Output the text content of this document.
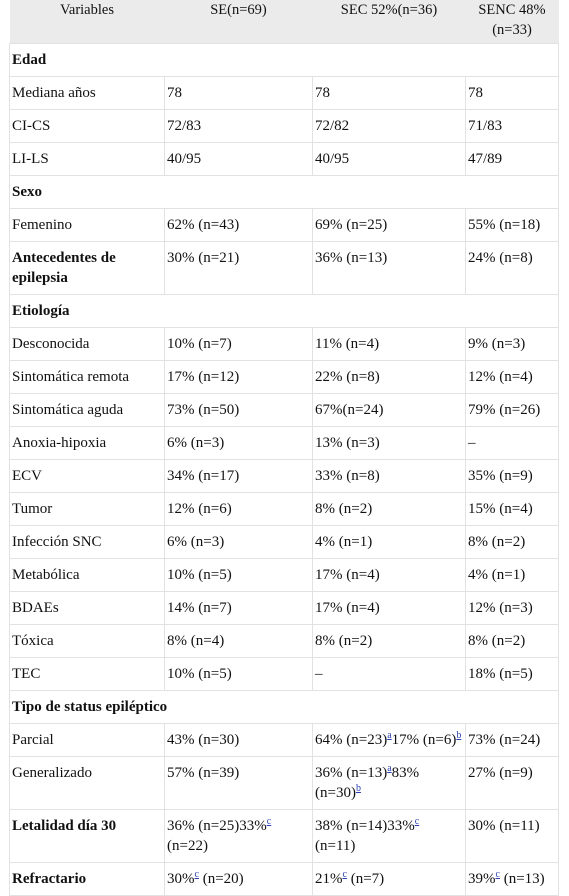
Variables	SE(n=69)	SEC 52%(n=36)	SENC 48%
(n=33)
Edad			
Mediana años	78	78	78
CI-CS	72/83	72/82	71/83
LI-LS	40/95	40/95	47/89
Sexo			
Femenino	62% (n=43)	69% (n=25)	55% (n=18)
Antecedentes de epilepsia	30% (n=21)	36% (n=13)	24% (n=8)
Etiología			
Desconocida	10% (n=7)	11% (n=4)	9% (n=3)
Sintomática remota	17% (n=12)	22% (n=8)	12% (n=4)
Sintomática aguda	73% (n=50)	67%(n=24)	79% (n=26)
Anoxia-hipoxia	6% (n=3)	13% (n=3)	–
ECV	34% (n=17)	33% (n=8)	35% (n=9)
Tumor	12% (n=6)	8% (n=2)	15% (n=4)
Infección SNC	6% (n=3)	4% (n=1)	8% (n=2)
Metabólica	10% (n=5)	17% (n=4)	4% (n=1)
BDAEs	14% (n=7)	17% (n=4)	12% (n=3)
Tóxica	8% (n=4)	8% (n=2)	8% (n=2)
TEC	10% (n=5)	–	18% (n=5)
Tipo de status epiléptico			
Parcial	43% (n=30)	64% (n=23)$^a$17% (n=6)$^b$	73% (n=24)
Generalizado	57% (n=39)	36% (n=13)$^a$83% (n=30)$^b$	27% (n=9)
Letalidad día 30	36% (n=25)33%$^c$ (n=22)	38% (n=14)33%$^c$ (n=11)	30% (n=11)
Refractario	30%$^c$ (n=20)	21%$^c$ (n=7)	39%$^c$ (n=13)
